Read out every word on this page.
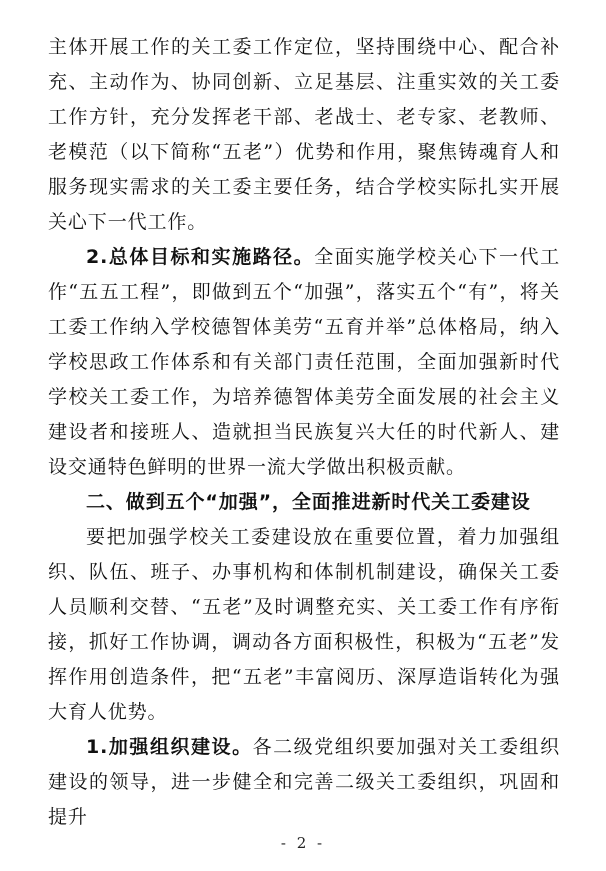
主体开展工作的关工委工作定位，坚持围绕中心、配合补充、主动作为、协同创新、立足基层、注重实效的关工委工作方针，充分发挥老干部、老战士、老专家、老教师、老模范（以下简称“五老”）优势和作用，聚焦铸魂育人和服务现实需求的关工委主要任务，结合学校实际扎实开展关心下一代工作。

2.总体目标和实施路径。全面实施学校关心下一代工作“五五工程”，即做到五个“加强”，落实五个“有”，将关工委工作纳入学校德智体美劳“五育并举”总体格局，纳入学校思政工作体系和有关部门责任范围，全面加强新时代学校关工委工作，为培养德智体美劳全面发展的社会主义建设者和接班人、造就担当民族复兴大任的时代新人、建设交通特色鲜明的世界一流大学做出积极贡献。

二、做到五个“加强”，全面推进新时代关工委建设

要把加强学校关工委建设放在重要位置，着力加强组织、队伍、班子、办事机构和体制机制建设，确保关工委人员顺利交替、“五老”及时调整充实、关工委工作有序衔接，抓好工作协调，调动各方面积极性，积极为“五老”发挥作用创造条件，把“五老”丰富阅历、深厚造诣转化为强大育人优势。

1.加强组织建设。各二级党组织要加强对关工委组织建设的领导，进一步健全和完善二级关工委组织，巩固和提升

- 2 -
